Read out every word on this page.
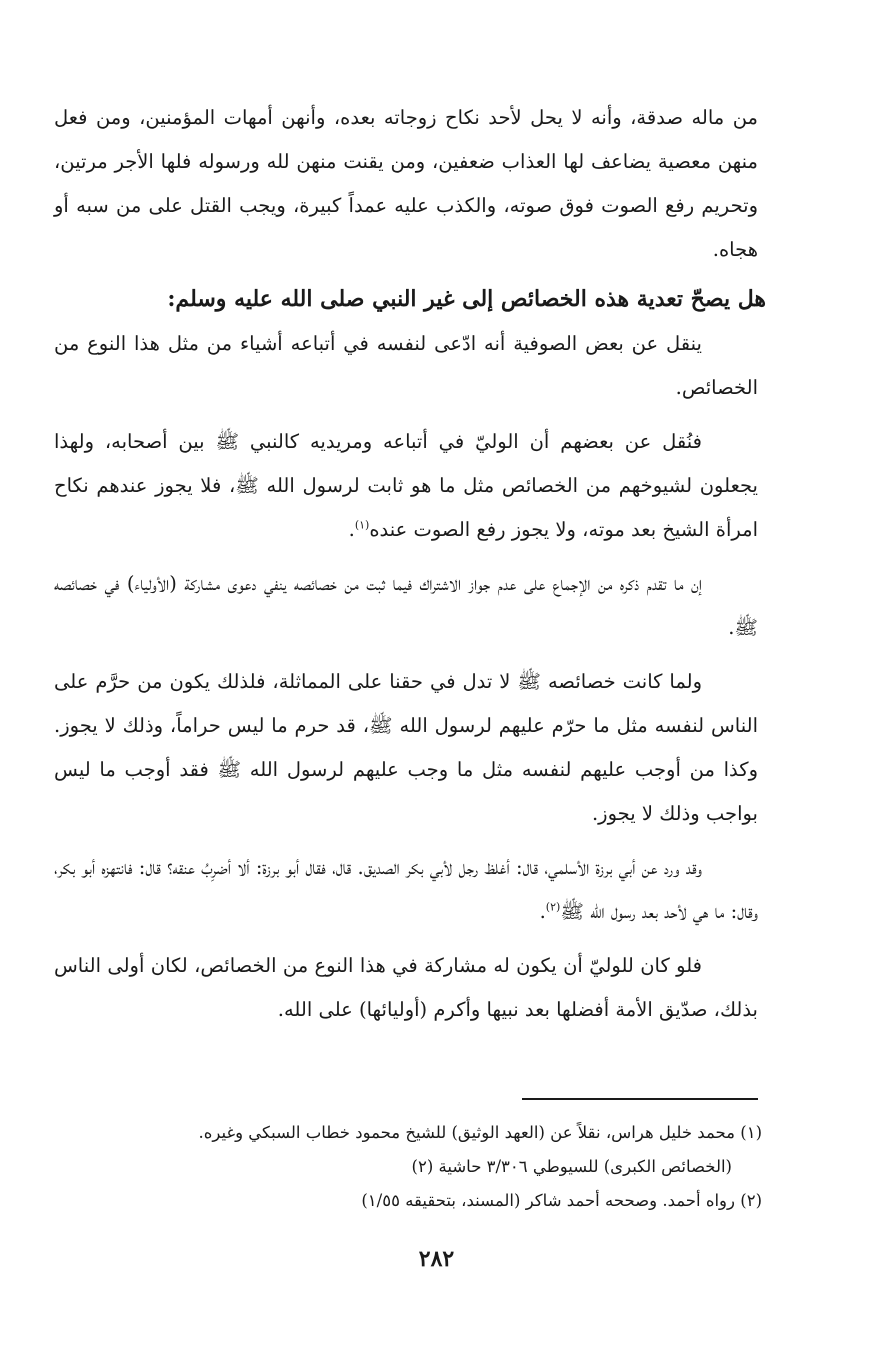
من ماله صدقة، وأنه لا يحل لأحد نكاح زوجاته بعده، وأنهن أمهات المؤمنين، ومن فعل منهن معصية يضاعف لها العذاب ضعفين، ومن يقنت منهن لله ورسوله فلها الأجر مرتين، وتحريم رفع الصوت فوق صوته، والكذب عليه عمداً كبيرة، ويجب القتل على من سبه أو هجاه.

هل يصحّ تعدية هذه الخصائص إلى غير النبي صلى الله عليه وسلم:

ينقل عن بعض الصوفية أنه ادّعى لنفسه في أتباعه أشياء من مثل هذا النوع من الخصائص.

فنُقل عن بعضهم أن الوليّ في أتباعه ومريديه كالنبي ﷺ بين أصحابه، ولهذا يجعلون لشيوخهم من الخصائص مثل ما هو ثابت لرسول الله ﷺ، فلا يجوز عندهم نكاح امرأة الشيخ بعد موته، ولا يجوز رفع الصوت عنده$^{(١)}$.

إن ما تقدم ذكره من الإجماع على عدم جواز الاشتراك فيما ثبت من خصائصه ينفي دعوى مشاركة (الأولياء) في خصائصه ﷺ.

ولما كانت خصائصه ﷺ لا تدل في حقنا على المماثلة، فلذلك يكون من حرَّم على الناس لنفسه مثل ما حرّم عليهم لرسول الله ﷺ، قد حرم ما ليس حراماً، وذلك لا يجوز. وكذا من أوجب عليهم لنفسه مثل ما وجب عليهم لرسول الله ﷺ فقد أوجب ما ليس بواجب وذلك لا يجوز.

وقد ورد عن أبي برزة الأسلمي، قال: أغلظ رجل لأبي بكر الصديق. قال، فقال أبو برزة: ألا أضرِبُ عنقه؟ قال: فانتهزه أبو بكر، وقال: ما هي لأحد بعد رسول الله ﷺ$^{(٢)}$.

فلو كان للوليّ أن يكون له مشاركة في هذا النوع من الخصائص، لكان أولى الناس بذلك، صدّيق الأمة أفضلها بعد نبيها وأكرم (أوليائها) على الله.

(١) محمد خليل هراس، نقلاً عن (العهد الوثيق) للشيخ محمود خطاب السبكي وغيره.
(الخصائص الكبرى) للسيوطي ٣/٣٠٦ حاشية (٢)

(٢) رواه أحمد. وصححه أحمد شاكر (المسند، بتحقيقه ١/٥٥)

٢٨٢
